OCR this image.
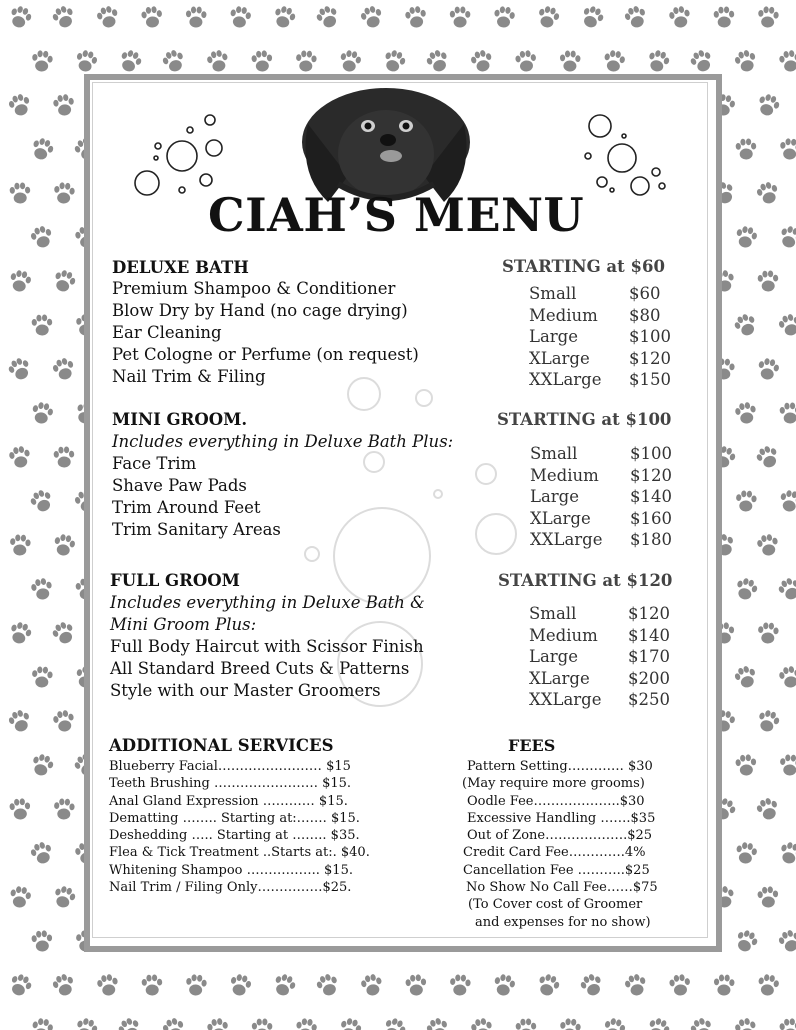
CIAH’S MENU
DELUXE BATH	STARTING at $60
Premium Shampoo & Conditioner
Blow Dry by Hand (no cage drying)
Ear Cleaning
Pet Cologne or Perfume (on request)
Nail Trim & Filing
Small	$60
Medium $80
Large	$100
XLarge $120
XXLarge $150
MINI GROOM.	STARTING at $100
Includes everything in Deluxe Bath Plus:
Face Trim
Shave Paw Pads
Trim Around Feet
Trim Sanitary Areas
Small	$100
Medium $120
Large	$140
XLarge $160
XXLarge $180
FULL GROOM	STARTING at $120
Includes everything in Deluxe Bath &
Mini Groom Plus:
Full Body Haircut with Scissor Finish
All Standard Breed Cuts & Patterns
Style with our Master Groomers
Small	$120
Medium $140
Large	$170
XLarge $200
XXLarge $250
ADDITIONAL SERVICES
Blueberry Facial…………………… $15
Teeth Brushing …………………… $15.
Anal Gland Expression ………… $15.
Dematting …….. Starting at:……. $15.
Deshedding ….. Starting at …….. $35.
Flea & Tick Treatment ..Starts at:. $40.
Whitening Shampoo …………….. $15.
Nail Trim / Filing Only……………$25.
FEES
Pattern Setting…………. $30
(May require more grooms)
Oodle Fee………………..$30
Excessive Handling …….$35
Out of Zone……………….$25
Credit Card Fee………….4%
Cancellation Fee ………..$25
No Show No Call Fee……$75
(To Cover cost of Groomer
and expenses for no show)
